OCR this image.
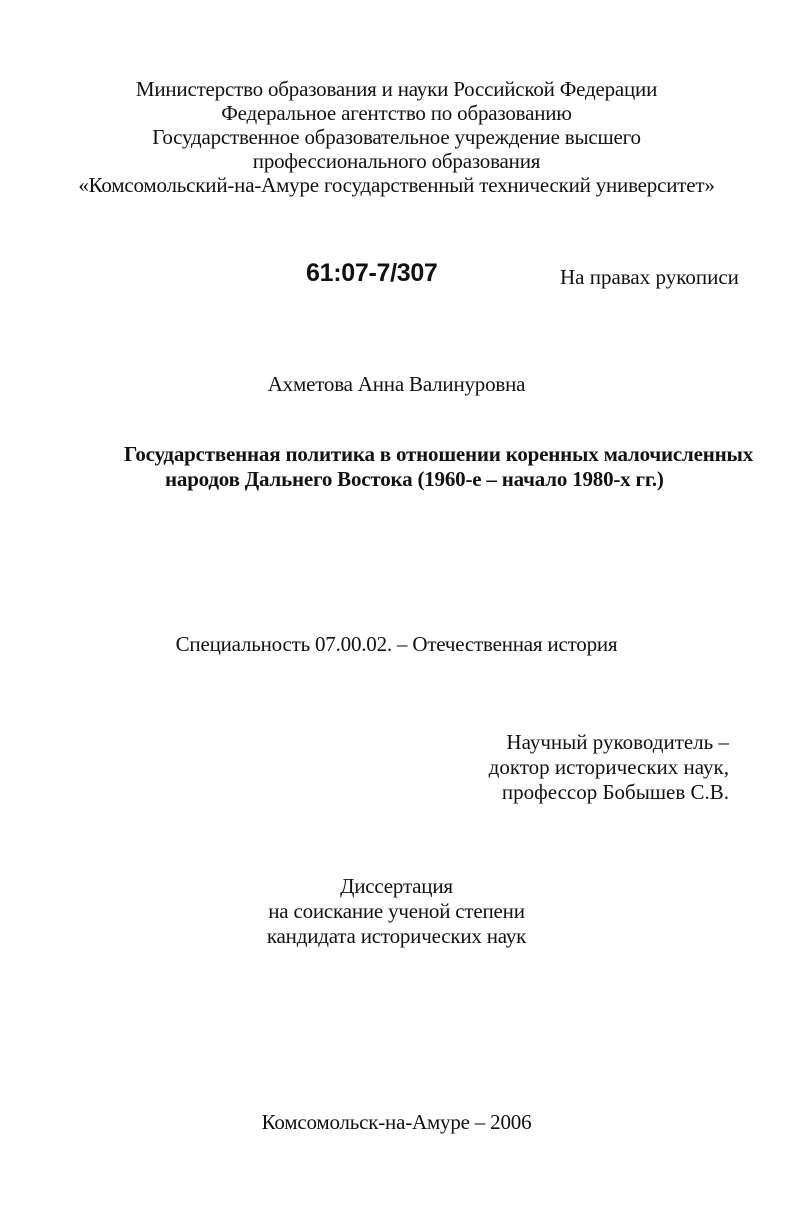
Министерство образования и науки Российской Федерации
Федеральное агентство по образованию
Государственное образовательное учреждение высшего
профессионального образования
«Комсомольский-на-Амуре государственный технический университет»
61:07-7/307	На правах рукописи
Ахметова Анна Валинуровна
Государственная политика в отношении коренных малочисленных
народов Дальнего Востока (1960-е – начало 1980-х гг.)
Специальность 07.00.02. – Отечественная история
Научный руководитель –
доктор исторических наук,
профессор Бобышев С.В.
Диссертация
на соискание ученой степени
кандидата исторических наук
Комсомольск-на-Амуре – 2006
